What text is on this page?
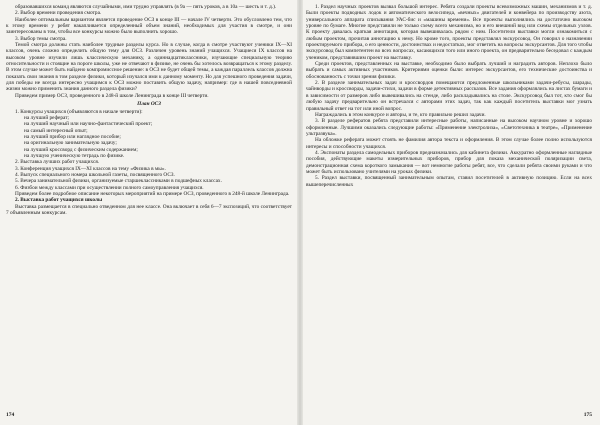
образовавшихся команд являются случайными, ими трудно управлять (в 9а — пять уроков, а в 10а — шесть и т. д.).

2. Выбор времени проведения смотра.

Наиболее оптимальным вариантом является проведение ОСЗ в конце III — начале IV четверти. Это обусловлено тем, что к этому времени у ребят накапливается определенный объем знаний, необходимых для участия в смотре, и они заинтересованы в том, чтобы все конкурсы можно было выполнить хорошо.

3. Выбор темы смотра.

Темой смотра должны стать наиболее трудные разделы курса. Но в случае, когда в смотре участвуют ученики IX—XI классов, очень сложно определить общую тему для ОСЗ. Различен уровень знаний учащихся. Учащиеся IX классов на высоком уровне изучили лишь классическую механику, а одиннадцатиклассники, изучающие специальную теорию относительности и стоящие на пороге школы, уже не отвечают в физике, не очень бы хотелось возвращаться к этому разделу. В этом случае может быть найдено компромиссное решение: в ОСЗ не будет общей темы, а каждая параллель классов должна показать свои знания в том разделе физики, который изучался ими к данному моменту. Но для успешного проведения задачи, для победы не всегда интересно учащимся к ОСЗ можно поставить общую задачу, например: где в нашей повседневной жизни можно применить знания данного раздела физики?

Приведем пример ОСЗ, проведенного в 248-й школе Ленинграда в конце III четверти.

План ОСЗ

1. Конкурсы учащихся (объявляются в начале четверти):

на лучший реферат;

на лучший научный или научно-фантастический проект;

на самый интересный опыт;

на лучший прибор или наглядное пособие;

на оригинальную занимательную задачу;

на лучший кроссворд с физическим содержанием;

на лучшую ученическую тетрадь по физике.

2. Выставка лучших работ учащихся.

3. Конференция учащихся IX—XI классов на тему «Физика в мы».

4. Выпуск специального номера школьной газеты, посвященного ОСЗ.

5. Вечера занимательной физики, организуемые старшеклассниками в подшефных классах.

6. Физбои между классами при осуществлении полного самоуправления учащихся.

Приведем более подробное описание некоторых мероприятий на примере ОСЗ, проведенного в 248-й школе Ленинграда.

2. Выставка работ учащихся школы

Выставка размещается в специально отведенном для нее классе. Она включает в себя 6—7 экспозиций, что соответствует 7 объявленным конкурсам.

174

1. Раздел научных проектов вызвал большой интерес. Ребята создали проекты всевозможных машин, механизмов и т. д. Были проекты подводных лодок и автоматического велосипеда, «вечных» двигателей и конвейера по производству азота, универсального аппарата списывания УАС-бис и «машины времени». Все проекты выполнялись на достаточно высоком уровне по бумаге. Многие представили не только схему всего механизма, но и его внешний вид или схемы отдельных узлов. К проекту давалась краткая аннотация, которая вывешивалась рядом с ним. Посетители выставки могли ознакомиться с любым проектом, прочитав аннотацию к нему. Но кроме того, проекты представлял экскурсовод. Он говорил о назначении проектируемого прибора, о его ценности, достоинствах и недостатках, мог ответить на вопросы экскурсантов. Для того чтобы экскурсовод был компетентен во всех вопросах, касающихся того или иного проекта, он предварительно беседовал с каждым учеником, представившим проект на выставку.

Среди проектов, представленных на выставке, необходимо было выбрать лучший и наградить авторов. Неплохо было выбрать и самых активных участников. Критериями оценки были: интерес экскурсантов, его технические достоинства и обоснованность с точки зрения физики.

2. В разделе занимательных задач и кроссвордов помещаются предложенные школьниками задачи-ребусы, шарады, чайнворды и кроссворды, задачи-стихи, задачи в форме детективных рассказов. Все задания оформлялись на листах бумаги и в зависимости от размеров либо вывешивались на стенде, либо раскладывались на столе. Экскурсовод был тот, кто смог бы любую задачу предварительно он встречался с авторами этих задач, так как каждый посетитель выставки мог узнать правильный ответ на тот или иной вопрос.

Награждались в этом конкурсе и авторы, и те, кто правильно решил задачи.

3. В разделе рефератов ребята представили интересные работы, написанные на высоком научном уровне и хорошо оформленные. Лучшими оказались следующие работы: «Применение электролиза», «Светотехника в театре», «Применение ультразвука».

На обложке реферата может стоять не фамилия автора текста и оформления. В этом случае более полно используются интересы и способности учащихся.

4. Экспонаты раздела самодельных приборов предназначались для кабинета физики. Аккуратно оформленные наглядные пособия, действующие макеты измерительных приборов, прибор для показа механической поляризации света, демонстрационная схема короткого замыкания — вот немногие работы ребят, все, что сделали ребята своими руками и что может быть использовано учителями на уроках физики.

5. Раздел выставки, посвященный занимательным опытам, ставил посетителей в активную позицию. Если на всех вышеперечисленных

175
